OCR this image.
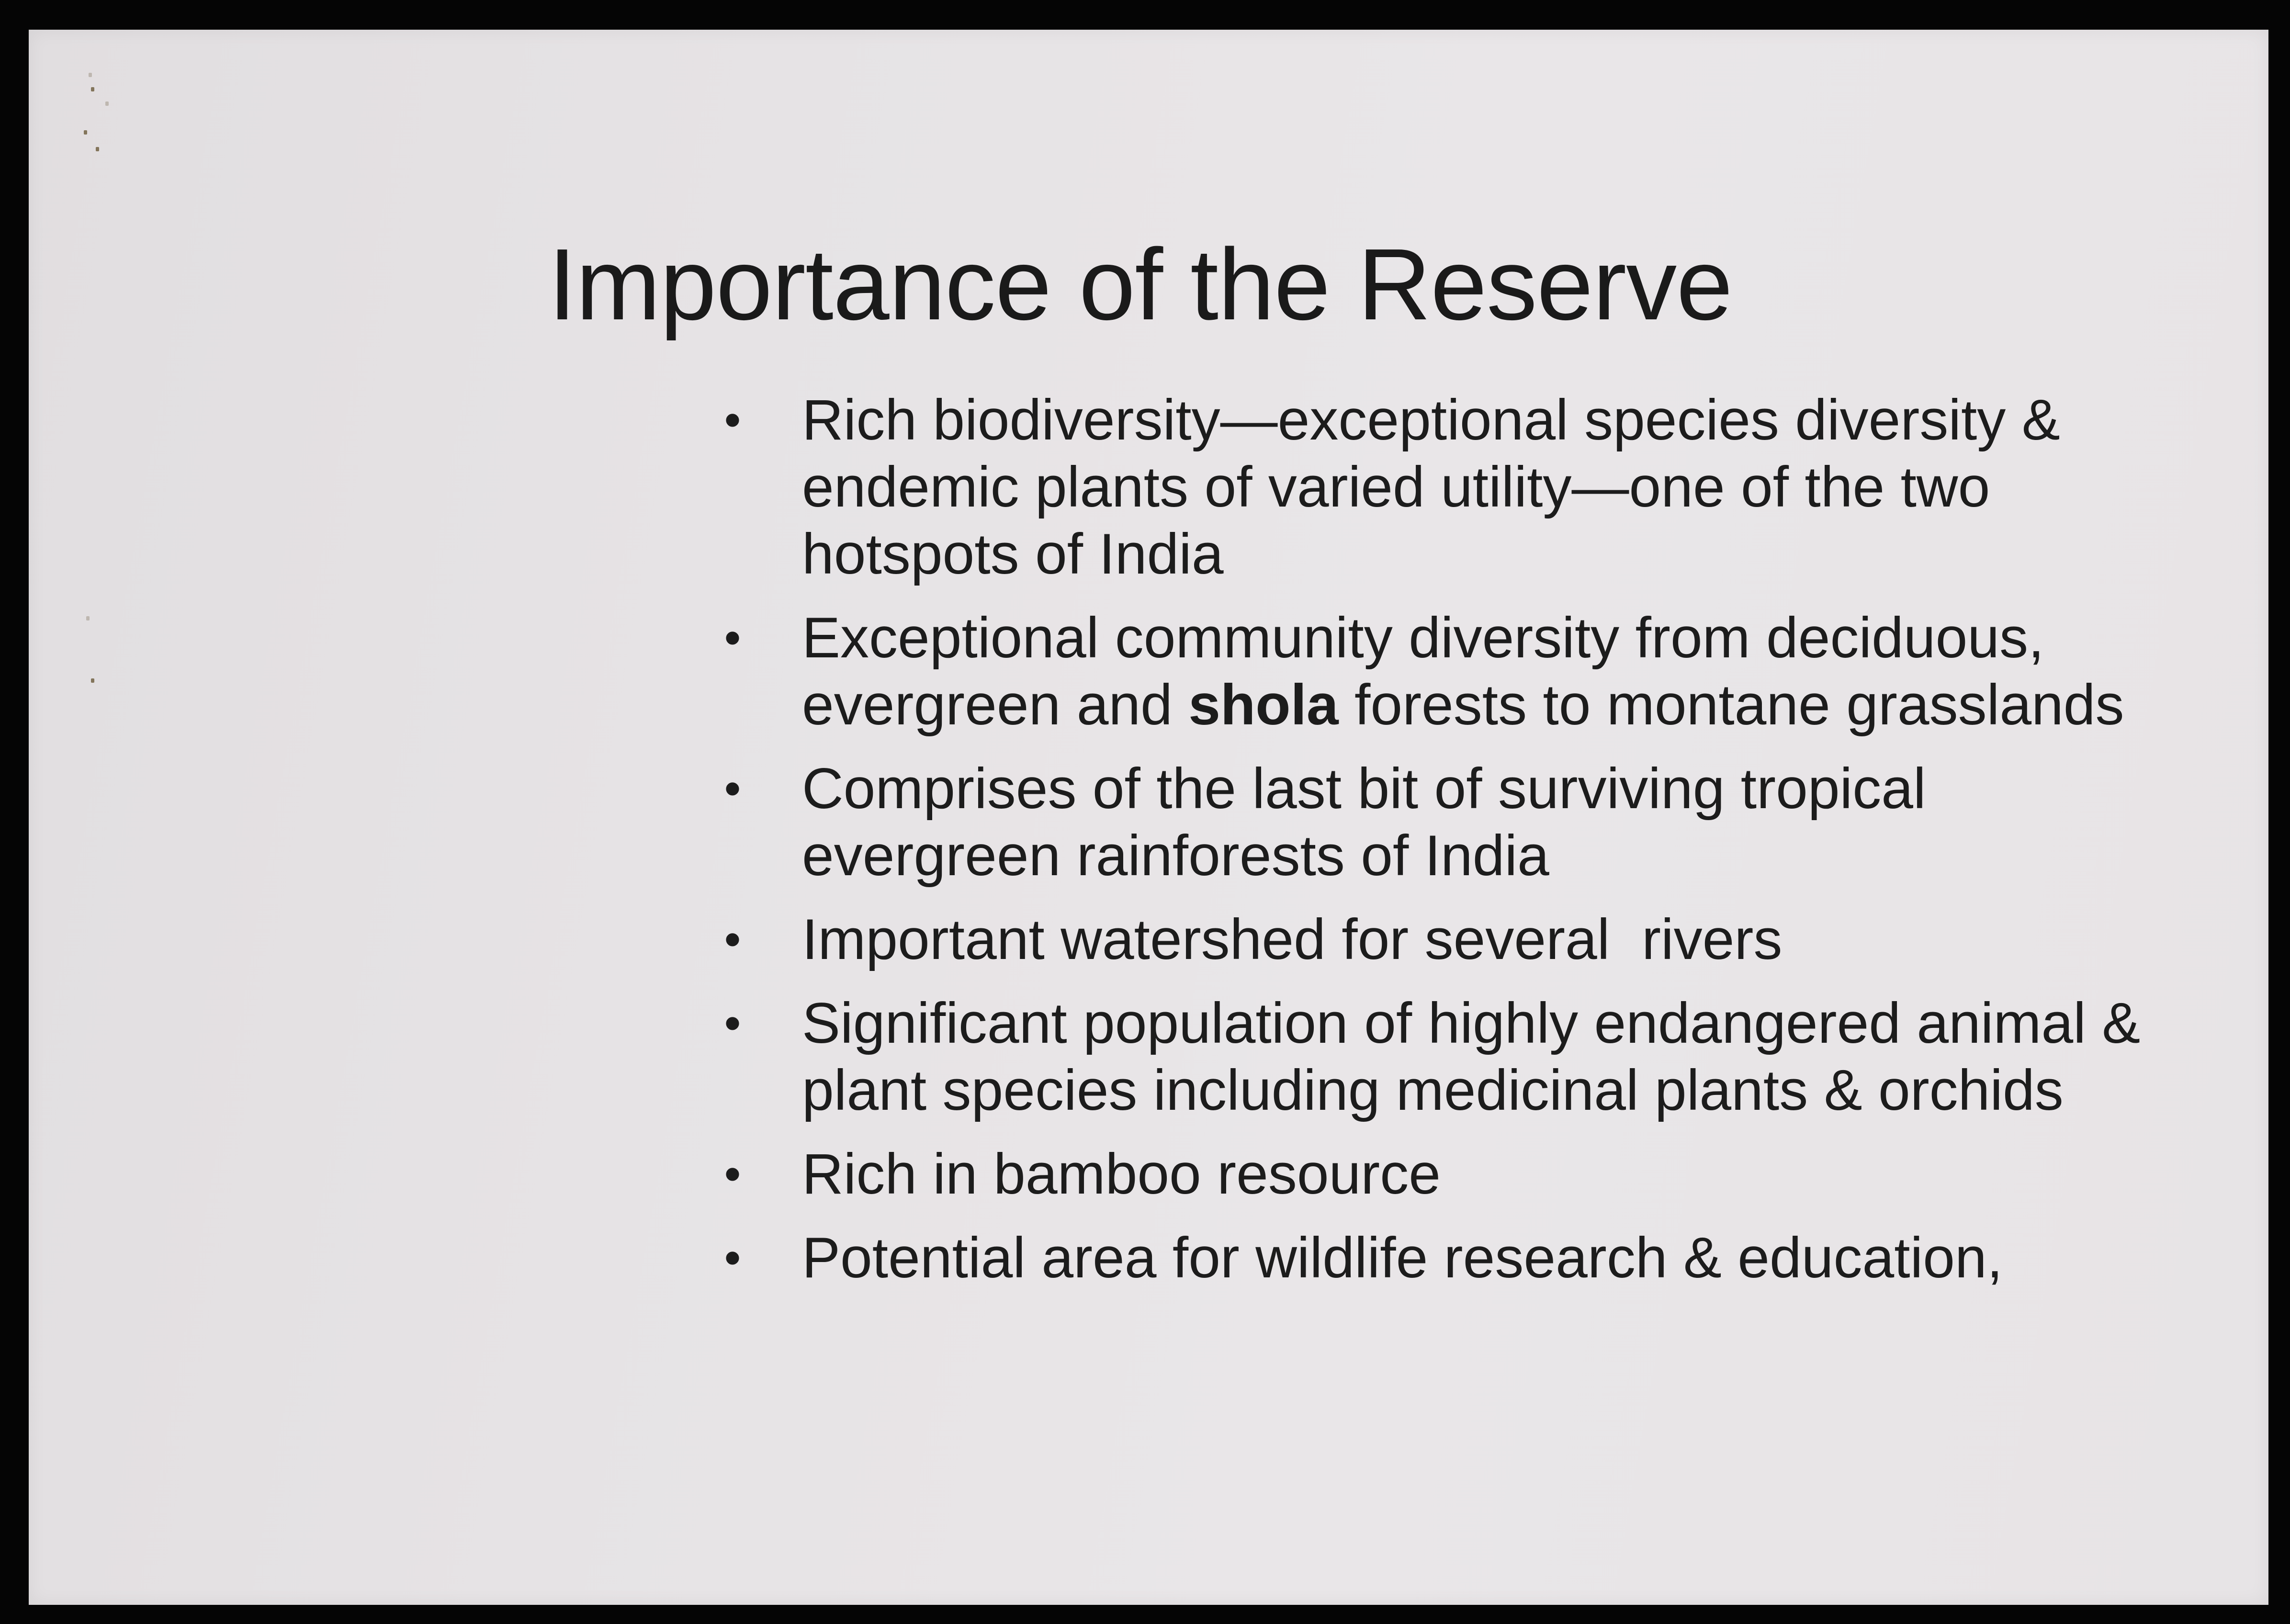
Importance of the Reserve
• Rich biodiversity—exceptional species diversity & endemic plants of varied utility—one of the two hotspots of India
• Exceptional community diversity from deciduous, evergreen and shola forests to montane grasslands
• Comprises of the last bit of surviving tropical evergreen rainforests of India
• Important watershed for several  rivers
• Significant population of highly endangered animal & plant species including medicinal plants & orchids
• Rich in bamboo resource
• Potential area for wildlife research & education,
